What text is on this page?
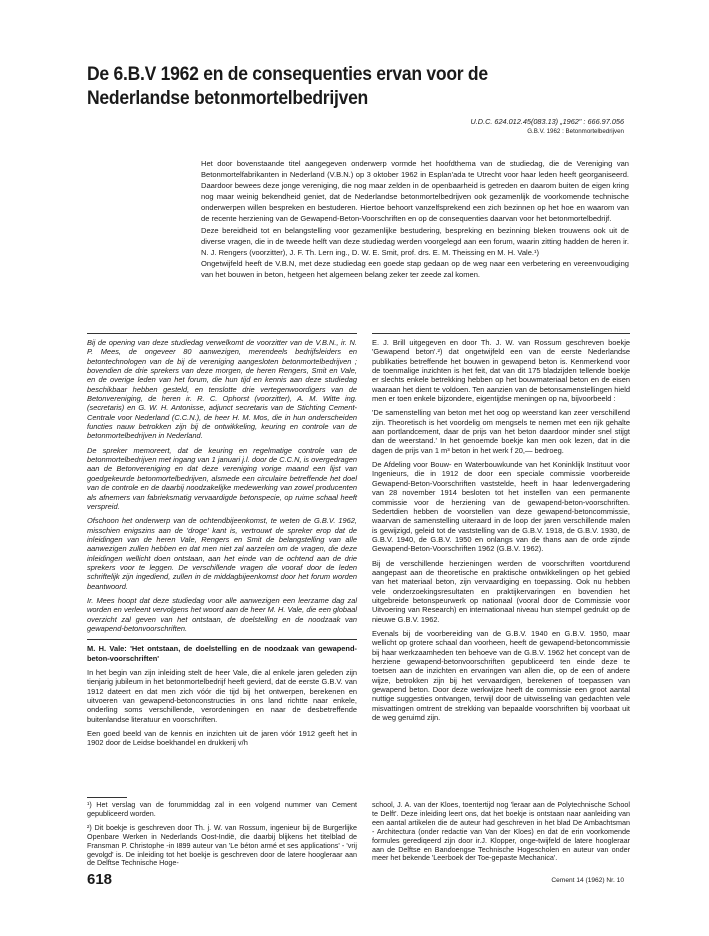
De 6.B.V 1962 en de consequenties ervan voor de Nederlandse betonmortelbedrijven
U.D.C. 624.012.45(083.13) „1962" : 666.97.056
G.B.V. 1962 : Betonmortelbedrijven

Het door bovenstaande titel aangegeven onderwerp vormde het hoofdthema van de studiedag, die de Vereniging van Betonmortelfabrikanten in Nederland (V.B.N.) op 3 oktober 1962 in Esplan'ada te Utrecht voor haar leden heeft georganiseerd. Daardoor bewees deze jonge vereniging, die nog maar zelden in de openbaarheid is getreden en daarom buiten de eigen kring nog maar weinig bekendheid geniet, dat de Nederlandse betonmortelbedrijven ook gezamenlijk de voorkomende technische onderwerpen willen bespreken en bestuderen. Hiertoe behoort vanzelfsprekend een zich bezinnen op het hoe en waarom van de recente herziening van de Gewapend-Beton-Voorschriften en op de consequenties daarvan voor het betonmortelbedrijf.

Deze bereidheid tot en belangstelling voor gezamenlijke bestudering, bespreking en bezinning bleken trouwens ook uit de diverse vragen, die in de tweede helft van deze studiedag werden voorgelegd aan een forum, waarin zitting hadden de heren ir. N. J. Rengers (voorzitter), J. F. Th. Lern ing., D. W. E. Smit, prof. drs. E. M. Theissing en M. H. Vale.¹)

Ongetwijfeld heeft de V.B.N, met deze studiedag een goede stap gedaan op de weg naar een verbetering en vereenvoudiging van het bouwen in beton, hetgeen het algemeen belang zeker ter zeede zal komen.

Bij de opening van deze studiedag verwelkomt de voorzitter van de V.B.N., ir. N. P. Mees, de ongeveer 80 aanwezigen, merendeels bedrijfsleiders en betontechnologen van de bij de vereniging aangesloten betonmortelbedrijven ; bovendien de drie sprekers van deze morgen, de heren Rengers, Smit en Vale, en de overige leden van het forum, die hun tijd en kennis aan deze studiedag beschikbaar hebben gesteld, en tenslotte drie vertegenwoordigers van de Betonvereniging, de heren ir. R. C. Ophorst (voorzitter), A. M. Witte ing. (secretaris) en G. W. H. Antonisse, adjunct secretaris van de Stichting Cement-Centrale voor Nederland (C.C.N.), de heer H. M. Mos, die in hun onderscheiden functies nauw betrokken zijn bij de ontwikkeling, keuring en controle van de betonmortelbedrijven in Nederland.

De spreker memoreert, dat de keuring en regelmatige controle van de betonmortelbedrijven met ingang van 1 januari j.l. door de C.C.N, is overgedragen aan de Betonvereniging en dat deze vereniging vorige maand een lijst van goedgekeurde betonmortelbedrijven, alsmede een circulaire betreffende het doel van de controle en de daarbij noodzakelijke medewerking van zowel producenten als afnemers van fabrieksmatig vervaardigde betonspecie, op ruime schaal heeft verspreid.

Ofschoon het onderwerp van de ochtendbijeenkomst, te weten de G.B.V. 1962, misschien enigszins aan de 'droge' kant is, vertrouwt de spreker erop dat de inleidingen van de heren Vale, Rengers en Smit de belangstelling van alle aanwezigen zullen hebben en dat men niet zal aarzelen om de vragen, die deze inleidingen wellicht doen ontstaan, aan het einde van de ochtend aan de drie sprekers voor te leggen. De verschillende vragen die vooraf door de leden schriftelijk zijn ingediend, zullen in de middagbijeenkomst door het forum worden beantwoord.

Ir. Mees hoopt dat deze studiedag voor alle aanwezigen een leerzame dag zal worden en verleent vervolgens het woord aan de heer M. H. Vale, die een globaal overzicht zal geven van het ontstaan, de doelstelling en de noodzaak van gewapend-betonvoorschriften.

M. H. Vale: 'Het ontstaan, de doelstelling en de noodzaak van gewapend-beton-voorschriften'

In het begin van zijn inleiding stelt de heer Vale, die al enkele jaren geleden zijn tienjarig jubileum in het betonmortelbedrijf heeft gevierd, dat de eerste G.B.V. van 1912 dateert en dat men zich vóór die tijd bij het ontwerpen, berekenen en uitvoeren van gewapend-betonconstructies in ons land richtte naar enkele, onderling soms verschillende, verordeningen en naar de desbetreffende buitenlandse literatuur en voorschriften.

Een goed beeld van de kennis en inzichten uit de jaren vóór 1912 geeft het in 1902 door de Leidse boekhandel en drukkerij v/h

E. J. Brill uitgegeven en door Th. J. W. van Rossum geschreven boekje 'Gewapend beton'.²) dat ongetwijfeld een van de eerste Nederlandse publikaties betreffende het bouwen in gewapend beton is. Kenmerkend voor de toenmalige inzichten is het feit, dat van dit 175 bladzijden tellende boekje er slechts enkele betrekking hebben op het bouwmateriaal beton en de eisen waaraan het dient te voldoen. Ten aanzien van de betonsamenstellingen hield men er toen enkele bijzondere, eigentijdse meningen op na, bijvoorbeeld :

'De samenstelling van beton met het oog op weerstand kan zeer verschillend zijn. Theoretisch is het voordelig om mengsels te nemen met een rijk gehalte aan portlandcement, daar de prijs van het beton daardoor minder snel stijgt dan de weerstand.' In het genoemde boekje kan men ook lezen, dat in die dagen de prijs van 1 m³ beton in het werk f 20,— bedroeg.

De Afdeling voor Bouw- en Waterbouwkunde van het Koninklijk Instituut voor Ingenieurs, die in 1912 de door een speciale commissie voorbereide Gewapend-Beton-Voorschriften vaststelde, heeft in haar ledenvergadering van 28 november 1914 besloten tot het instellen van een permanente commissie voor de herziening van de gewapend-beton-voorschriften. Sedertdien hebben de voorstellen van deze gewapend-betoncommissie, waarvan de samenstelling uiteraard in de loop der jaren verschillende malen is gewijzigd, geleid tot de vaststelling van de G.B.V. 1918, de G.B.V. 1930, de G.B.V. 1940, de G.B.V. 1950 en onlangs van de thans aan de orde zijnde Gewapend-Beton-Voorschriften 1962 (G.B.V. 1962).

Bij de verschillende herzieningen werden de voorschriften voortdurend aangepast aan de theoretische en praktische ontwikkelingen op het gebied van het materiaal beton, zijn vervaardiging en toepassing. Ook nu hebben vele onderzoekingsresultaten en praktijkervaringen en bovendien het uitgebreide betonspeurwerk op nationaal (vooral door de Commissie voor Uitvoering van Research) en internationaal niveau hun stempel gedrukt op de nieuwe G.B.V. 1962.

Evenals bij de voorbereiding van de G.B.V. 1940 en G.B.V. 1950, maar wellicht op grotere schaal dan voorheen, heeft de gewapend-betoncommissie bij haar werkzaamheden ten behoeve van de G.B.V. 1962 het concept van de herziene gewapend-betonvoorschriften gepubliceerd ten einde deze te toetsen aan de inzichten en ervaringen van allen die, op de een of andere wijze, betrokken zijn bij het vervaardigen, berekenen of toepassen van gewapend beton. Door deze werkwijze heeft de commissie een groot aantal nuttige suggesties ontvangen, terwijl door de uitwisseling van gedachten vele misvattingen omtrent de strekking van bepaalde voorschriften bij voorbaat uit de weg geruimd zijn.

¹) Het verslag van de forummiddag zal in een volgend nummer van Cement gepubliceerd worden.

²) Dit boekje is geschreven door Th. j. W. van Rossum, ingenieur bij de Burgerlijke Openbare Werken in Nederlands Oost-Indië, die daarbij blijkens het titelblad de Fransman P. Christophe -in I899 auteur van 'Le béton armé et ses applications' - 'vrij gevolgd' is. De inleiding tot het boekje is geschreven door de latere hoogleraar aan de Delftse Technische Hoge-

school, J. A. van der Kloes, toentertijd nog 'leraar aan de Polytechnische School te Delft'. Deze inleiding leert ons, dat het boekje is ontstaan naar aanleiding van een aantal artikelen die de auteur had geschreven in het blad De Ambachtsman - Architectura (onder redactie van Van der Kloes) en dat de erin voorkomende formules gerediqeerd zijn door ir.J. Klopper, onge-twijfeld de latere hoogleraar aan de Delftse en Bandoengse Technische Hogescholen en auteur van onder meer het bekende 'Leerboek der Toe-gepaste Mechanica'.

618	Cement 14 (1962) Nr. 10
